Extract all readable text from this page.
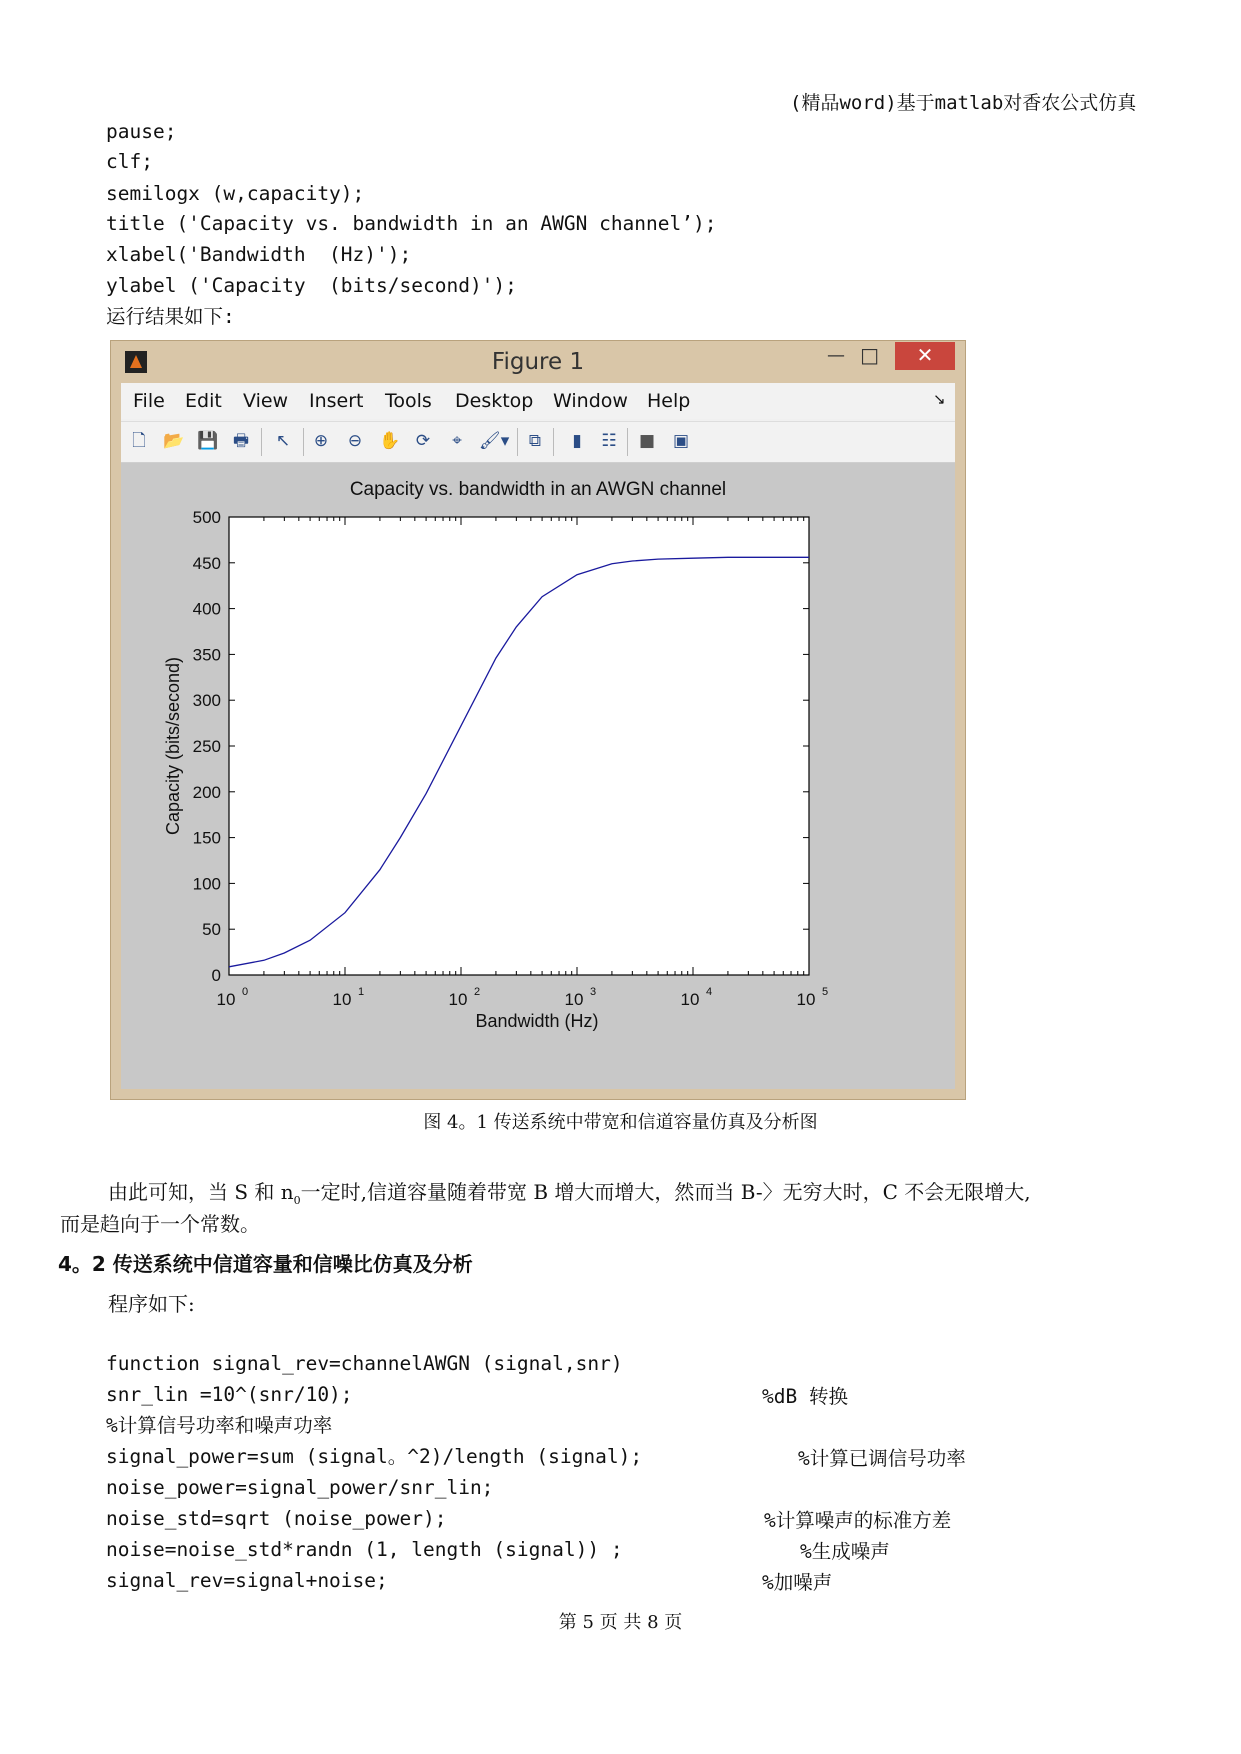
(精品word)基于matlab对香农公式仿真
pause;
clf;
semilogx (w,capacity);
title ('Capacity vs. bandwidth in an AWGN channel’);
xlabel('Bandwidth  (Hz)');
ylabel ('Capacity  (bits/second)');
运行结果如下:
Figure 1	— □	✕
File Edit View Insert Tools Desktop Window Help	↘
🗋 📂 💾 🖶 ↖ ⊕ ⊖ ✋ ⟳	⌖	🖌 ▾ ⧉	▮	☷ ■ ▣
Capacity vs. bandwidth in an AWGN channel
0
50
100
150
200
250
300
350
400
450
500
10 0	10 1	10 2	10 3	10 4	10 5
Bandwidth (Hz)
Capacity (bits/second)
图 4。1 传送系统中带宽和信道容量仿真及分析图
由此可知，当 S 和 $n_0$一定时,信道容量随着带宽 B 增大而增大，然而当 B-〉无穷大时，C 不会无限增大,
而是趋向于一个常数。
4。2 传送系统中信道容量和信噪比仿真及分析
程序如下:
function signal_rev=channelAWGN (signal,snr)
snr_lin =10^(snr/10);	%dB 转换
%计算信号功率和噪声功率
signal_power=sum (signal。^2)/length (signal);	%计算已调信号功率
noise_power=signal_power/snr_lin;
noise_std=sqrt (noise_power);	%计算噪声的标准方差
noise=noise_std*randn (1, length (signal)) ;	%生成噪声
signal_rev=signal+noise;	%加噪声
第 5 页 共 8 页
